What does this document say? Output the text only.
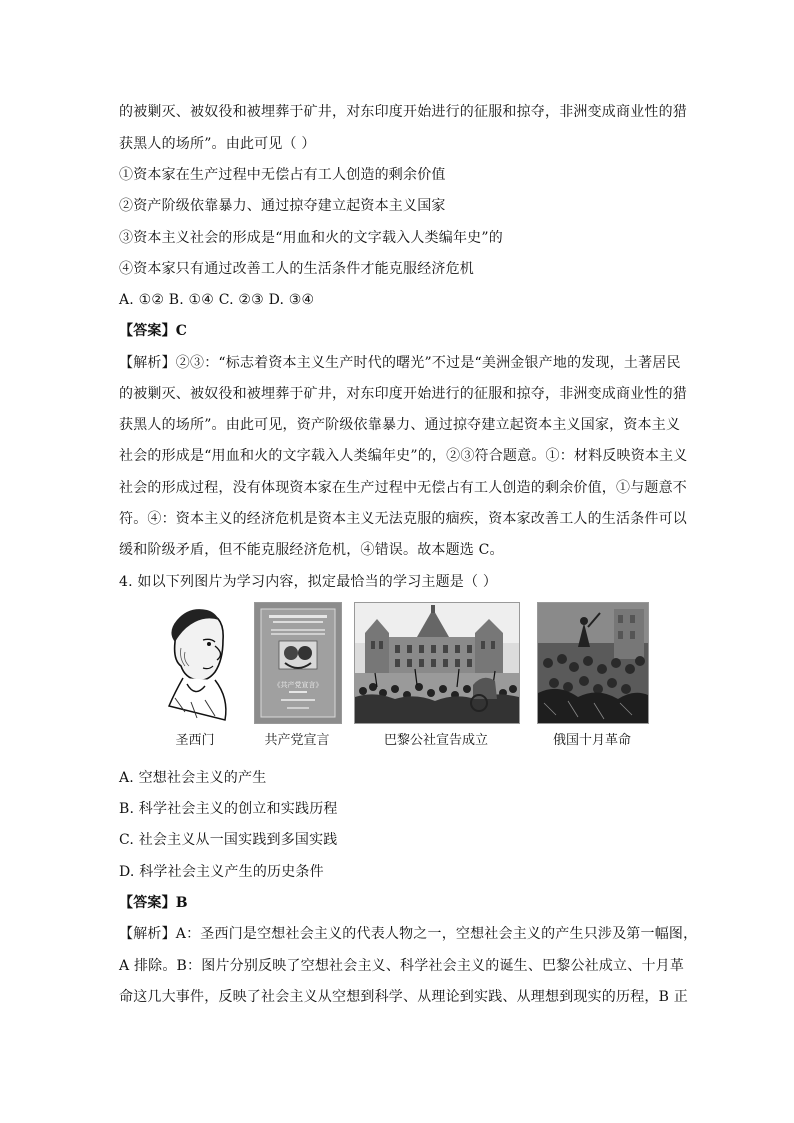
的被剿灭、被奴役和被埋葬于矿井，对东印度开始进行的征服和掠夺，非洲变成商业性的猎
获黑人的场所”。由此可见（ ）
①资本家在生产过程中无偿占有工人创造的剩余价值
②资产阶级依靠暴力、通过掠夺建立起资本主义国家
③资本主义社会的形成是“用血和火的文字载入人类编年史”的
④资本家只有通过改善工人的生活条件才能克服经济危机
A. ①② B. ①④ C. ②③ D. ③④
【答案】C
【解析】②③：“标志着资本主义生产时代的曙光”不过是“美洲金银产地的发现，土著居民
的被剿灭、被奴役和被埋葬于矿井，对东印度开始进行的征服和掠夺，非洲变成商业性的猎
获黑人的场所”。由此可见，资产阶级依靠暴力、通过掠夺建立起资本主义国家，资本主义
社会的形成是“用血和火的文字载入人类编年史”的，②③符合题意。①：材料反映资本主义
社会的形成过程，没有体现资本家在生产过程中无偿占有工人创造的剩余价值，①与题意不
符。④：资本主义的经济危机是资本主义无法克服的痼疾，资本家改善工人的生活条件可以
缓和阶级矛盾，但不能克服经济危机，④错误。故本题选 C。
4. 如以下列图片为学习内容，拟定最恰当的学习主题是（ ）
《共产党宣言》
圣西门	共产党宣言	巴黎公社宣告成立	俄国十月革命
A. 空想社会主义的产生
B. 科学社会主义的创立和实践历程
C. 社会主义从一国实践到多国实践
D. 科学社会主义产生的历史条件
【答案】B
【解析】A：圣西门是空想社会主义的代表人物之一，空想社会主义的产生只涉及第一幅图，
A 排除。B：图片分别反映了空想社会主义、科学社会主义的诞生、巴黎公社成立、十月革
命这几大事件，反映了社会主义从空想到科学、从理论到实践、从理想到现实的历程，B 正
